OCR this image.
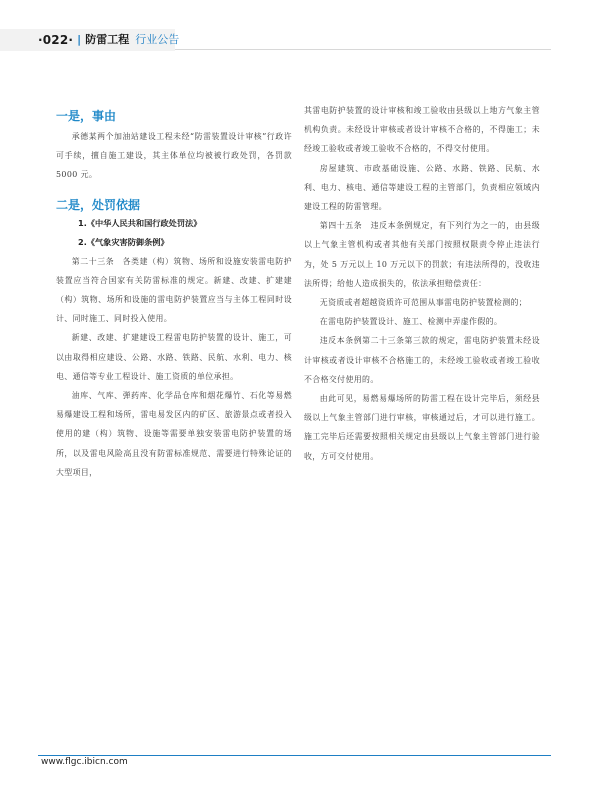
·022· | 防雷工程 行业公告

一是，事由

承德某两个加油站建设工程未经“防雷装置设计审核”行政许可手续，擅自施工建设，其主体单位均被被行政处罚，各罚款 5000 元。

二是，处罚依据

1.《中华人民共和国行政处罚法》

2.《气象灾害防御条例》

第二十三条　各类建（构）筑物、场所和设施安装雷电防护装置应当符合国家有关防雷标准的规定。新建、改建、扩建建（构）筑物、场所和设施的雷电防护装置应当与主体工程同时设计、同时施工、同时投入使用。

新建、改建、扩建建设工程雷电防护装置的设计、施工，可以由取得相应建设、公路、水路、铁路、民航、水利、电力、核电、通信等专业工程设计、施工资质的单位承担。

油库、气库、弹药库、化学品仓库和烟花爆竹、石化等易燃易爆建设工程和场所，雷电易发区内的矿区、旅游景点或者投入使用的建（构）筑物、设施等需要单独安装雷电防护装置的场所，以及雷电风险高且没有防雷标准规范、需要进行特殊论证的大型项目，

其雷电防护装置的设计审核和竣工验收由县级以上地方气象主管机构负责。未经设计审核或者设计审核不合格的，不得施工；未经竣工验收或者竣工验收不合格的，不得交付使用。

房屋建筑、市政基础设施、公路、水路、铁路、民航、水利、电力、核电、通信等建设工程的主管部门，负责相应领域内建设工程的防雷管理。

第四十五条　违反本条例规定，有下列行为之一的，由县级以上气象主管机构或者其他有关部门按照权限责令停止违法行为，处 5 万元以上 10 万元以下的罚款；有违法所得的，没收违法所得；给他人造成损失的，依法承担赔偿责任：

无资质或者超越资质许可范围从事雷电防护装置检测的；

在雷电防护装置设计、施工、检测中弄虚作假的。

违反本条例第二十三条第三款的规定，雷电防护装置未经设计审核或者设计审核不合格施工的，未经竣工验收或者竣工验收不合格交付使用的。

由此可见，易燃易爆场所的防雷工程在设计完毕后，须经县级以上气象主管部门进行审核，审核通过后，才可以进行施工。施工完毕后还需要按照相关规定由县级以上气象主管部门进行验收，方可交付使用。

www.flgc.ibicn.com
